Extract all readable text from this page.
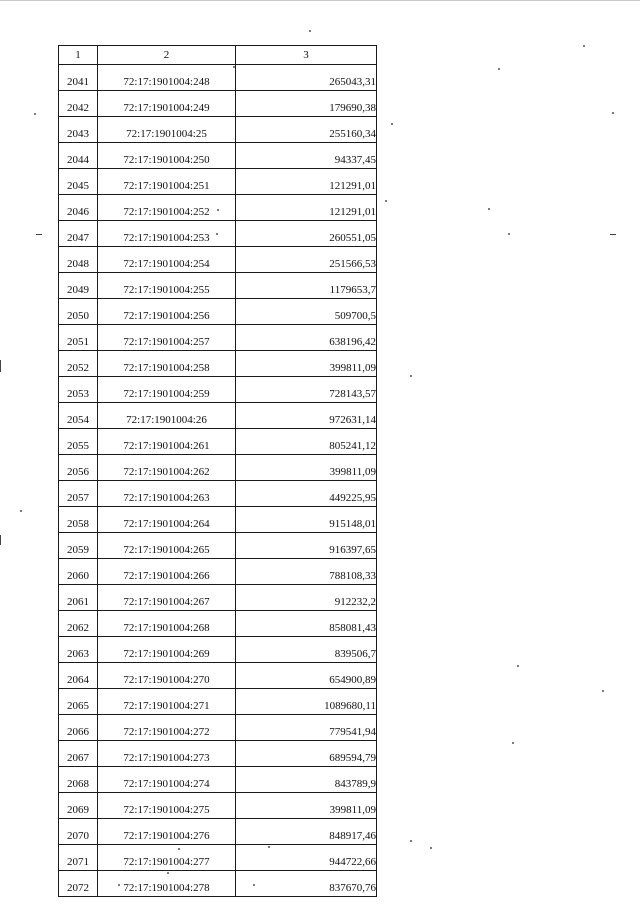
1	2	3
2041	72:17:1901004:248	265043,31
2042	72:17:1901004:249	179690,38
2043	72:17:1901004:25	255160,34
2044	72:17:1901004:250	94337,45
2045	72:17:1901004:251	121291,01
2046	72:17:1901004:252	121291,01
2047	72:17:1901004:253	260551,05
2048	72:17:1901004:254	251566,53
2049	72:17:1901004:255	1179653,7
2050	72:17:1901004:256	509700,5
2051	72:17:1901004:257	638196,42
2052	72:17:1901004:258	399811,09
2053	72:17:1901004:259	728143,57
2054	72:17:1901004:26	972631,14
2055	72:17:1901004:261	805241,12
2056	72:17:1901004:262	399811,09
2057	72:17:1901004:263	449225,95
2058	72:17:1901004:264	915148,01
2059	72:17:1901004:265	916397,65
2060	72:17:1901004:266	788108,33
2061	72:17:1901004:267	912232,2
2062	72:17:1901004:268	858081,43
2063	72:17:1901004:269	839506,7
2064	72:17:1901004:270	654900,89
2065	72:17:1901004:271	1089680,11
2066	72:17:1901004:272	779541,94
2067	72:17:1901004:273	689594,79
2068	72:17:1901004:274	843789,9
2069	72:17:1901004:275	399811,09
2070	72:17:1901004:276	848917,46
2071	72:17:1901004:277	944722,66
2072	72:17:1901004:278	837670,76
